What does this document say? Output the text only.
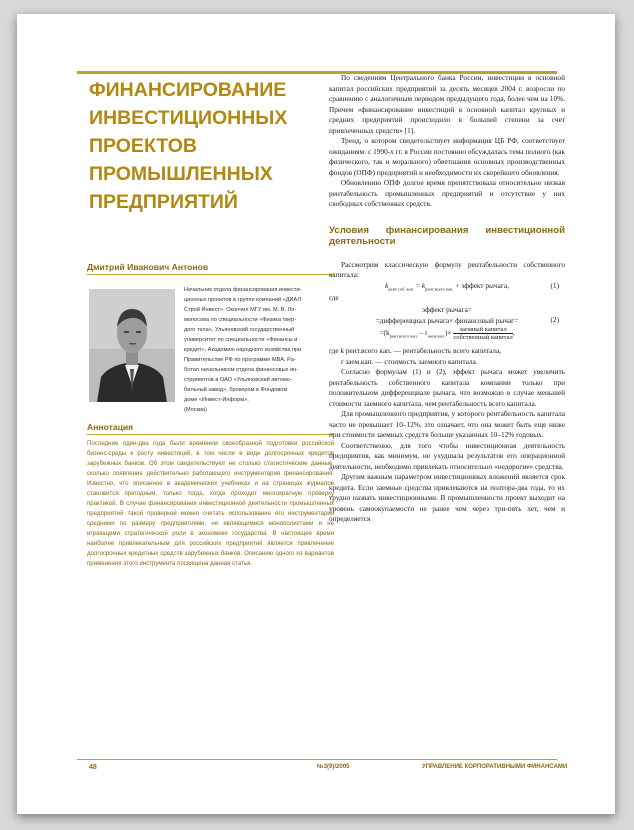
ФИНАНСИРОВАНИЕ ИНВЕСТИЦИОННЫХ ПРОЕКТОВ ПРОМЫШЛЕННЫХ ПРЕДПРИЯТИЙ
Дмитрий Иванович Антонов
Начальник отдела финансирования инвести-
ционных проектов в группе компаний «ДИАЛ
Строй Инвест». Окончил МГУ им. М. В. Ло-
моносова по специальности «Физика твер-
дого тела», Ульяновский государственный
университет по специальности «Финансы и
кредит», Академию народного хозяйства при
Правительстве РФ по программе MBA. Ра-
ботал начальником отдела финансовых ин-
струментов в ОАО «Ульяновский автомо-
бильный завод», брокером в Фондовом
доме «Инвест-Информ».
(Москва)
Аннотация
Последние один-два года были временем своеобразной подготовки российской бизнес-среды к росту инвестиций, в том числе в виде долгосрочных кредитов зарубежных банков. Об этом свидетельствуют не столько статистические данные, сколько появление действительно работающего инструментария финансирования. Известно, что описанное в академических учебниках и на страницах журналов становится пригодным, только тогда, когда проходит многократную проверку практикой. В случае финансирования инвестиционной деятельности промышленных предприятий такой проверкой можно считать использование его инструментария средними по размеру предприятиями, не являющимися монополистами и не играющими стратегической роли в экономике государства. В настоящее время наиболее привлекательным для российских предприятий является привлечение долгосрочных кредитных средств зарубежных банков. Описанию одного из вариантов применения этого инструмента посвящена данная статья.

По сведениям Центрального банка России, инвестиции в основной капитал российских предприятий за десять месяцев 2004 г. возросли по сравнению с аналогичным периодом предыдущего года, более чем на 10%. Причем «финансирование инвестиций в основной капитал крупных и средних предприятий происходило в большей степени за счет привлеченных средств» [1].

Тренд, о котором свидетельствует информация ЦБ РФ, соответствует ожиданиям: с 1990-х гг. в России постоянно обсуждалась тема полного (как физического, так и морального) обветшания основных производственных фондов (ОПФ) предприятий и необходимости их скорейшего обновления.

Обновлению ОПФ долгое время препятствовала относительно низкая рентабельность промышленных предприятий и отсутствие у них свободных собственных средств.

Условия финансирования инвестиционной деятельности

Рассмотрим классическую формулу рентабельности собственного капитала:

$k_{рент.соб. кап.} = k_{рент.всего кап.}$ + эффект рычага,	(1)

где

эффект рычага=
=дифференциал рычага× финансовый рычаг=
$=(k_{рент.всего кап.} - r_{заем.кап.})\times \frac{\text{заемный капитал}}{\text{собственный капитал}}$ ,
(2)

где k рент.всего кап. — рентабельность всего капитала,

r заем.кап. — стоимость заемного капитала.

Согласно формулам (1) и (2), эффект рычага может увеличить рентабельность собственного капитала компании только при положительном дифференциале рычага, что возможно в случае меньшей стоимости заемного капитала, чем рентабельность всего капитала.

Для промышленного предприятия, у которого рентабельность капитала часто не превышает 10–12%, это означает, что она может быть еще ниже при стоимости заемных средств больше указанных 10–12% годовых.

Соответственно, для того чтобы инвестиционная деятельность предприятия, как минимум, не ухудшала результатов его операционной деятельности, необходимо привлекать относительно «недорогие» средства.

Другим важным параметром инвестиционных вложений является срок кредита. Если заемные средства привлекаются на полтора-два года, то их трудно назвать инвестиционными. В промышленности проект выходит на уровень самоокупаемости не ранее чем через три-пять лет, чем и определяется

48	№3(9)/2005	УПРАВЛЕНИЕ КОРПОРАТИВНЫМИ ФИНАНСАМИ
